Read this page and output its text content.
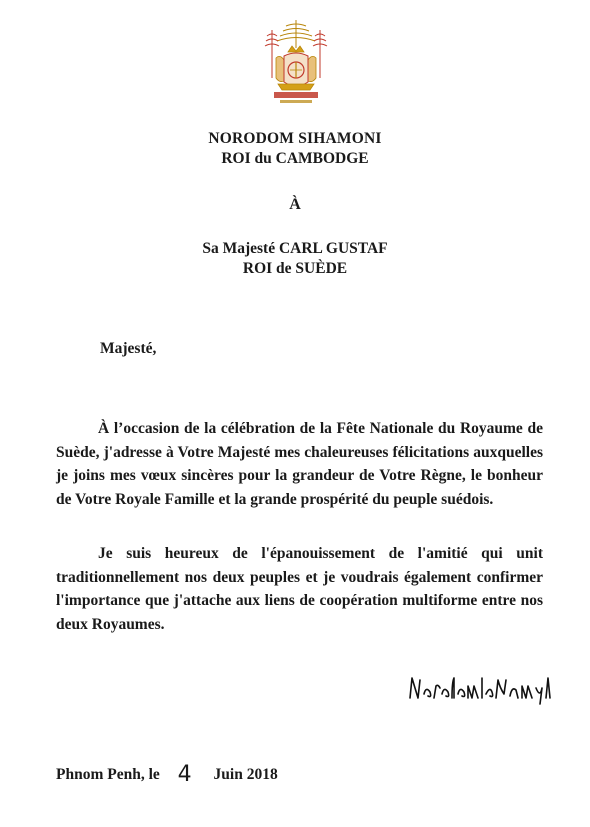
NORODOM SIHAMONI
ROI du CAMBODGE
À
Sa Majesté CARL GUSTAF
ROI de SUÈDE
Majesté,

À l’occasion de la célébration de la Fête Nationale du Royaume de Suède, j'adresse à Votre Majesté mes chaleureuses félicitations auxquelles je joins mes vœux sincères pour la grandeur de Votre Règne, le bonheur de Votre Royale Famille et la grande prospérité du peuple suédois.

Je suis heureux de l'épanouissement de l'amitié qui unit traditionnellement nos deux peuples et je voudrais également confirmer l'importance que j'attache aux liens de coopération multiforme entre nos deux Royaumes.

Phnom Penh, le 4 Juin 2018
